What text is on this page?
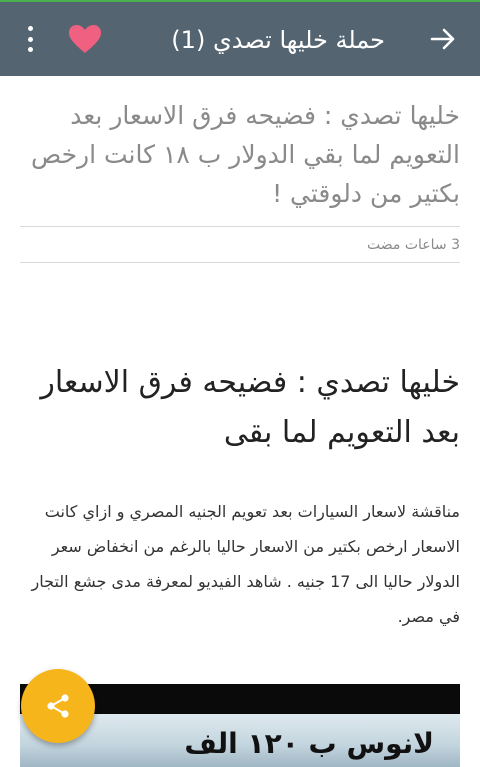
حملة خليها تصدي (1)
خليها تصدي : فضيحه فرق الاسعار بعد التعويم لما بقي الدولار ب ١٨ كانت ارخص بكتير من دلوقتي !
3 ساعات مضت
خليها تصدي : فضيحه فرق الاسعار بعد التعويم لما بقى
مناقشة لاسعار السيارات بعد تعويم الجنيه المصري و ازاي كانت الاسعار ارخص بكتير من الاسعار حاليا بالرغم من انخفاض سعر الدولار حاليا الى 17 جنيه . شاهد الفيديو لمعرفة مدى جشع التجار في مصر.
لانوس ب ١٢٠ الف
